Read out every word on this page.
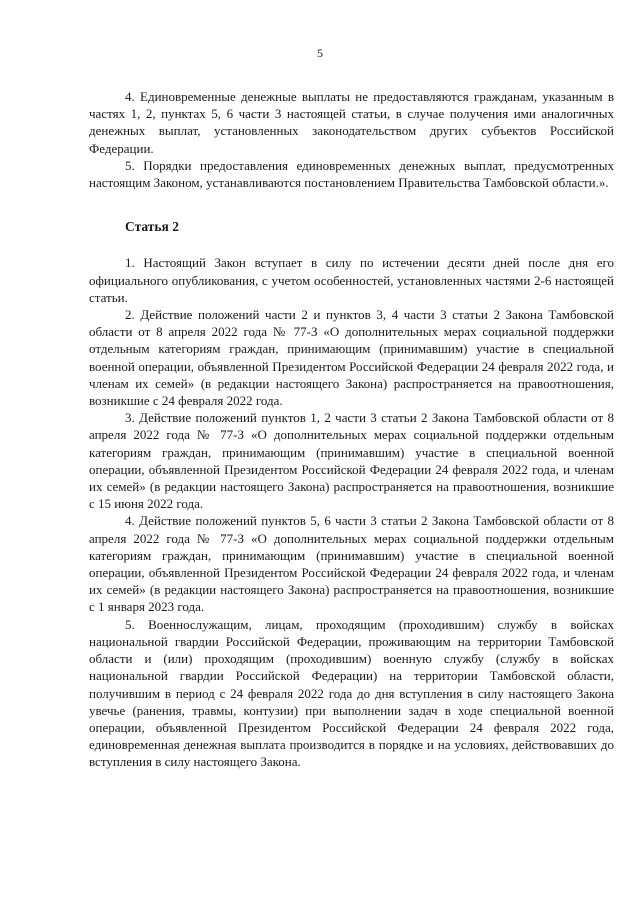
5

4. Единовременные денежные выплаты не предоставляются гражданам, указанным в частях 1, 2, пунктах 5, 6 части 3 настоящей статьи, в случае получения ими аналогичных денежных выплат, установленных законодательством других субъектов Российской Федерации.

5. Порядки предоставления единовременных денежных выплат, предусмотренных настоящим Законом, устанавливаются постановлением Правительства Тамбовской области.».

Статья 2

1. Настоящий Закон вступает в силу по истечении десяти дней после дня его официального опубликования, с учетом особенностей, установленных частями 2-6 настоящей статьи.

2. Действие положений части 2 и пунктов 3, 4 части 3 статьи 2 Закона Тамбовской области от 8 апреля 2022 года № 77-З «О дополнительных мерах социальной поддержки отдельным категориям граждан, принимающим (принимавшим) участие в специальной военной операции, объявленной Президентом Российской Федерации 24 февраля 2022 года, и членам их семей» (в редакции настоящего Закона) распространяется на правоотношения, возникшие с 24 февраля 2022 года.

3. Действие положений пунктов 1, 2 части 3 статьи 2 Закона Тамбовской области от 8 апреля 2022 года № 77-З «О дополнительных мерах социальной поддержки отдельным категориям граждан, принимающим (принимавшим) участие в специальной военной операции, объявленной Президентом Российской Федерации 24 февраля 2022 года, и членам их семей» (в редакции настоящего Закона) распространяется на правоотношения, возникшие с 15 июня 2022 года.

4. Действие положений пунктов 5, 6 части 3 статьи 2 Закона Тамбовской области от 8 апреля 2022 года № 77-З «О дополнительных мерах социальной поддержки отдельным категориям граждан, принимающим (принимавшим) участие в специальной военной операции, объявленной Президентом Российской Федерации 24 февраля 2022 года, и членам их семей» (в редакции настоящего Закона) распространяется на правоотношения, возникшие с 1 января 2023 года.

5. Военнослужащим, лицам, проходящим (проходившим) службу в войсках национальной гвардии Российской Федерации, проживающим на территории Тамбовской области и (или) проходящим (проходившим) военную службу (службу в войсках национальной гвардии Российской Федерации) на территории Тамбовской области, получившим в период с 24 февраля 2022 года до дня вступления в силу настоящего Закона увечье (ранения, травмы, контузии) при выполнении задач в ходе специальной военной операции, объявленной Президентом Российской Федерации 24 февраля 2022 года, единовременная денежная выплата производится в порядке и на условиях, действовавших до вступления в силу настоящего Закона.
